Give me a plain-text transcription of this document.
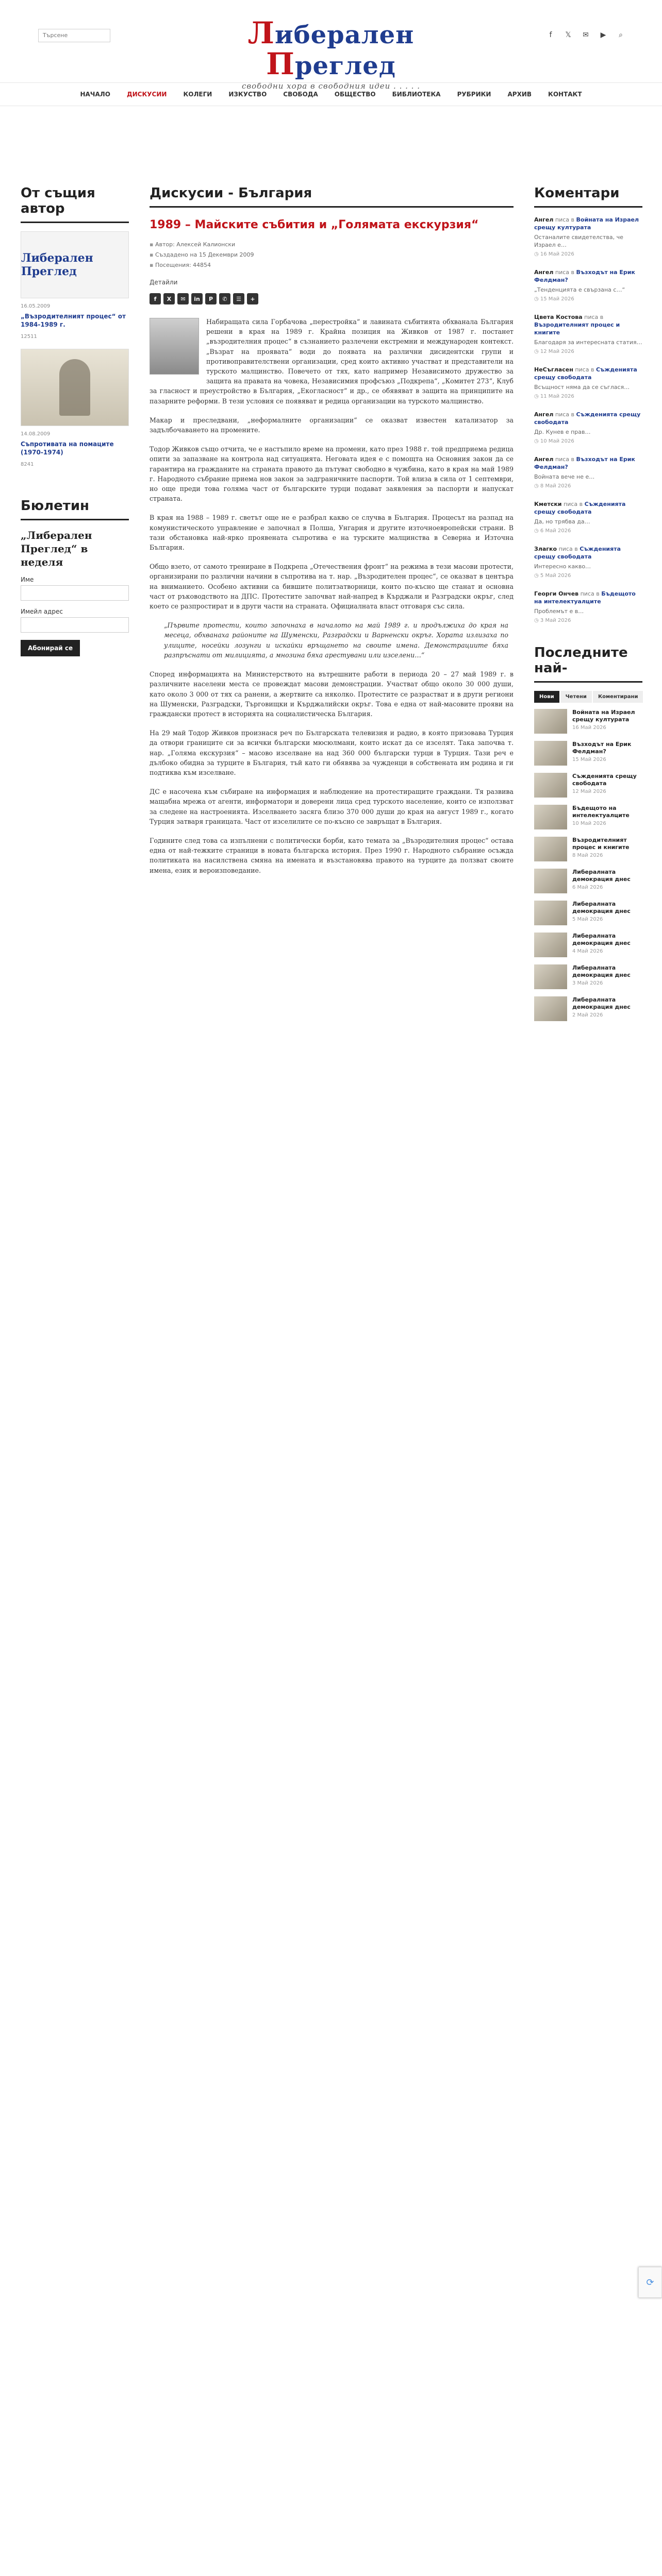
Търсене	Либерален Преглед
свободни хора в свободния идеи . . . . .
f	𝕏	✉	▶	⌕
НАЧАЛО	ДИСКУСИИ	КОЛЕГИ	ИЗКУСТВО	СВОБОДА	ОБЩЕСТВО	БИБЛИОТЕКА	РУБРИКИ	АРХИВ	КОНТАКТ
От същия автор
Либерален Преглед
16.05.2009
„Възродителният процес“ от 1984-1989 г.
12511
14.08.2009
Съпротивата на помаците (1970-1974)
8241
Бюлетин
„Либерален Преглед“ в неделя
Име
Имейл адрес
Абонирай се
Дискусии - България
1989 – Майските събития и „Голямата екскурзия“
▪ Автор: Алексей Калионски
▪ Създадено на 15 Декември 2009
▪ Посещения: 44854
Детайли
f	X	✉	in	P	✆	☰	+

Набиращата сила Горбачова „перестройка“ и лавината събитията обхванала България решени в края на 1989 г. Крайна позиция на Живков от 1987 г. постанет „възродителния процес“ в съзнанието разлечени екстремни и международен контекст. „Възрат на проявата“ води до появата на различни дисидентски групи и противоправителствени организации, сред които активно участват и представители на турското малцинство. Повечето от тях, като например Независимото дружество за защита на правата на човека, Независимия профсъюз „Подкрепа“, „Комитет 273“, Клуб за гласност и преустройство в България, „Екогласност“ и др., се обявяват в защита на принципите на пазарните реформи. В тези условия се появяват и редица организации на турското малцинство.

Макар и преследвани, „неформалните организации“ се оказват известен катализатор за задълбочаването на промените.

Тодор Живков също отчита, че е настъпило време на промени, като през 1988 г. той предприема редица опити за запазване на контрола над ситуацията. Неговата идея е с помощта на Основния закон да се гарантира на гражданите на страната правото да пътуват свободно в чужбина, като в края на май 1989 г. Народното събрание приема нов закон за задграничните паспорти. Той влиза в сила от 1 септември, но още преди това голяма част от българските турци подават заявления за паспорти и напускат страната.

В края на 1988 – 1989 г. светът още не е разбрал какво се случва в България. Процесът на разпад на комунистическото управление е започнал в Полша, Унгария и другите източноевропейски страни. В тази обстановка най-ярко проявената съпротива е на турските малцинства в Северна и Източна България.

Общо взето, от самото трениране в Подкрепа „Отечествения фронт“ на режима в тези масови протести, организирани по различни начини в съпротива на т. нар. „Възродителен процес“, се оказват в центъра на вниманието. Особено активни са бившите политзатворници, които по-късно ще станат и основна част от ръководството на ДПС. Протестите започват най-напред в Кърджали и Разградски окръг, след което се разпростират и в други части на страната. Официалната власт отговаря със сила.

„Първите протести, които започнаха в началото на май 1989 г. и продължиха до края на месеца, обхванаха районите на Шуменски, Разградски и Варненски окръг. Хората излизаха по улиците, носейки лозунги и искайки връщането на своите имена. Демонстрациите бяха разпръснати от милицията, а мнозина бяха арестувани или изселени…“

Според информацията на Министерството на вътрешните работи в периода 20 – 27 май 1989 г. в различните населени места се провеждат масови демонстрации. Участват общо около 30 000 души, като около 3 000 от тях са ранени, а жертвите са няколко. Протестите се разрастват и в други региони на Шуменски, Разградски, Търговищки и Кърджалийски окръг. Това е една от най-масовите прояви на граждански протест в историята на социалистическа България.

На 29 май Тодор Живков произнася реч по Българската телевизия и радио, в която призовава Турция да отвори границите си за всички български мюсюлмани, които искат да се изселят. Така започва т. нар. „Голяма екскурзия“ – масово изселване на над 360 000 български турци в Турция. Тази реч е дълбоко обидна за турците в България, тъй като ги обявява за чужденци в собствената им родина и ги подтиква към изселване.

ДС е насочена към събиране на информация и наблюдение на протестиращите граждани. Тя развива мащабна мрежа от агенти, информатори и доверени лица сред турското население, които се използват за следене на настроенията. Изселването засяга близо 370 000 души до края на август 1989 г., когато Турция затваря границата. Част от изселилите се по-късно се завръщат в България.

Годините след това са изпълнени с политически борби, като темата за „Възродителния процес“ остава една от най-тежките страници в новата българска история. През 1990 г. Народното събрание осъжда политиката на насилствена смяна на имената и възстановява правото на турците да ползват своите имена, език и вероизповедание.

Коментари
Ангел писа в Войната на Израел срещу културата
Останалите свидетелства, че Израел е…
◷ 16 Май 2026
Ангел писа в Възходът на Ерик Фелдман?
„Тенденцията е свързана с…“
◷ 15 Май 2026
Цвета Костова писа в Възродителният процес и книгите
Благодаря за интересната статия…
◷ 12 Май 2026
НеСъгласен писа в Съжденията срещу свободата
Всъщност няма да се съглася…
◷ 11 Май 2026
Ангел писа в Съжденията срещу свободата
Др. Кунев е прав…
◷ 10 Май 2026
Ангел писа в Възходът на Ерик Фелдман?
Войната вече не е…
◷ 8 Май 2026
Кметски писа в Съжденията срещу свободата
Да, но трябва да…
◷ 6 Май 2026
Злагко писа в Съжденията срещу свободата
Интересно какво…
◷ 5 Май 2026
Георги Ончев писа в Бъдещото на интелектуалците
Проблемът е в…
◷ 3 Май 2026
Последните най-
Нови	Четени	Коментирани
Войната на Израел срещу културата
16 Май 2026
Възходът на Ерик Фелдман?
15 Май 2026
Съжденията срещу свободата
12 Май 2026
Бъдещото на интелектуалците
10 Май 2026
Възродителният процес и книгите
8 Май 2026
Либералната демокрация днес
6 Май 2026
Либералната демокрация днес
5 Май 2026
Либералната демокрация днес
4 Май 2026
Либералната демокрация днес
3 Май 2026
Либералната демокрация днес
2 Май 2026
⟳
